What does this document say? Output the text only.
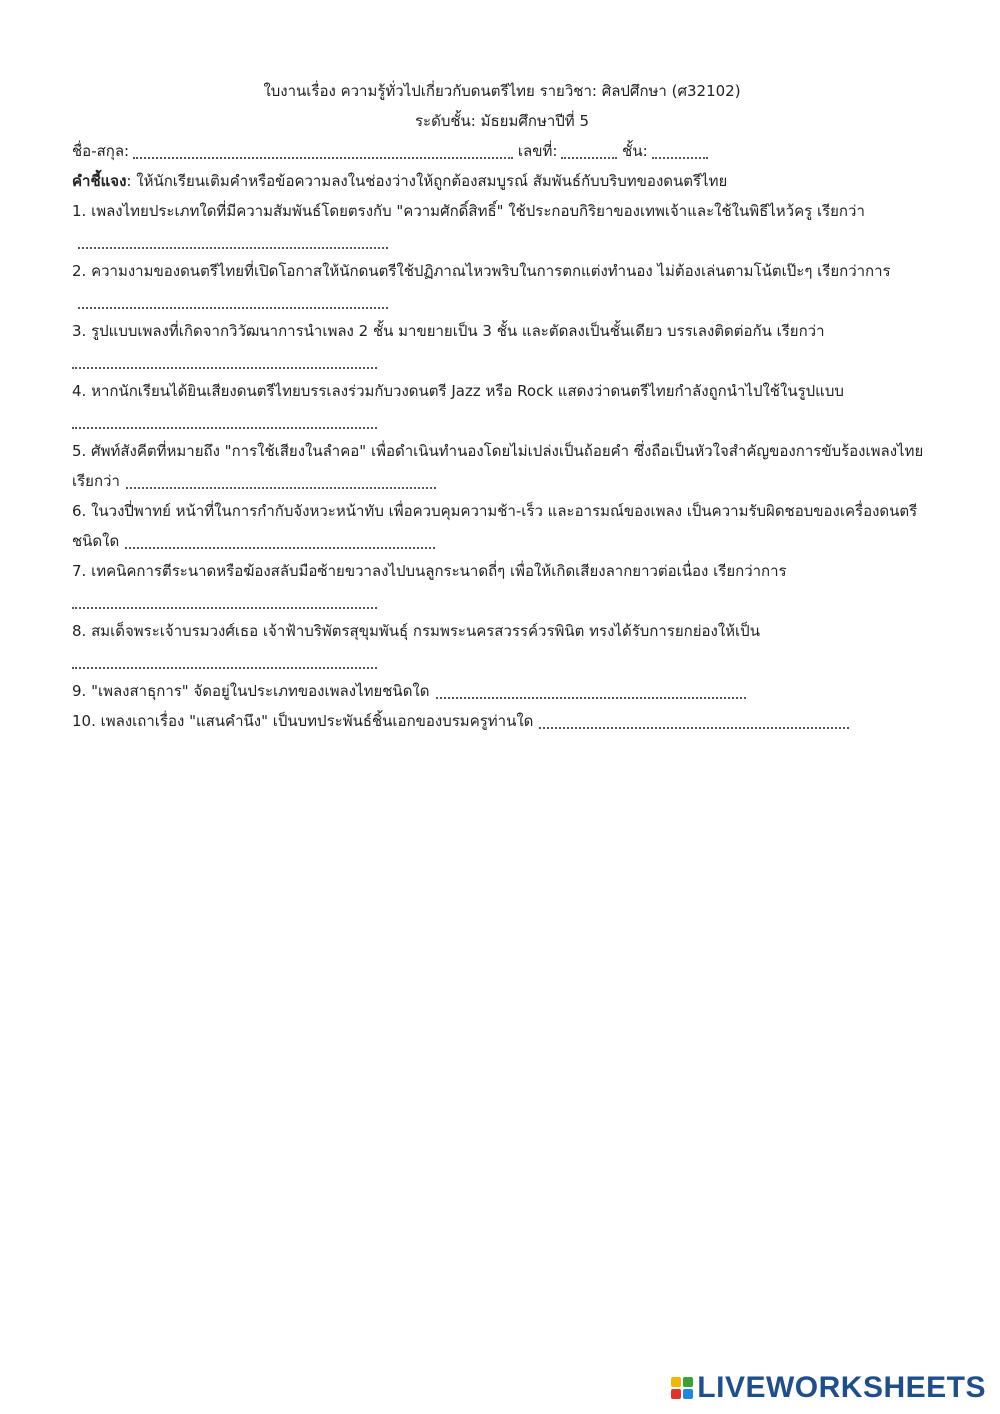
ใบงานเรื่อง ความรู้ทั่วไปเกี่ยวกับดนตรีไทย รายวิชา: ศิลปศึกษา (ศ32102)
ระดับชั้น: มัธยมศึกษาปีที่ 5
ชื่อ-สกุล:	เลขที่:	ชั้น:
คำชี้แจง: ให้นักเรียนเติมคำหรือข้อความลงในช่องว่างให้ถูกต้องสมบูรณ์ สัมพันธ์กับบริบทของดนตรีไทย
1. เพลงไทยประเภทใดที่มีความสัมพันธ์โดยตรงกับ "ความศักดิ์สิทธิ์" ใช้ประกอบกิริยาของเทพเจ้าและใช้ในพิธีไหว้ครู เรียกว่า
2. ความงามของดนตรีไทยที่เปิดโอกาสให้นักดนตรีใช้ปฏิภาณไหวพริบในการตกแต่งทำนอง ไม่ต้องเล่นตามโน้ตเป๊ะๆ เรียกว่าการ
3. รูปแบบเพลงที่เกิดจากวิวัฒนาการนำเพลง 2 ชั้น มาขยายเป็น 3 ชั้น และตัดลงเป็นชั้นเดียว บรรเลงติดต่อกัน เรียกว่า
4. หากนักเรียนได้ยินเสียงดนตรีไทยบรรเลงร่วมกับวงดนตรี Jazz หรือ Rock แสดงว่าดนตรีไทยกำลังถูกนำไปใช้ในรูปแบบ
5. ศัพท์สังคีตที่หมายถึง "การใช้เสียงในลำคอ" เพื่อดำเนินทำนองโดยไม่เปล่งเป็นถ้อยคำ ซึ่งถือเป็นหัวใจสำคัญของการขับร้องเพลงไทย เรียกว่า
6. ในวงปี่พาทย์ หน้าที่ในการกำกับจังหวะหน้าทับ เพื่อควบคุมความช้า-เร็ว และอารมณ์ของเพลง เป็นความรับผิดชอบของเครื่องดนตรีชนิดใด
7. เทคนิคการตีระนาดหรือฆ้องสลับมือซ้ายขวาลงไปบนลูกระนาดถี่ๆ เพื่อให้เกิดเสียงลากยาวต่อเนื่อง เรียกว่าการ
8. สมเด็จพระเจ้าบรมวงศ์เธอ เจ้าฟ้าบริพัตรสุขุมพันธุ์ กรมพระนครสวรรค์วรพินิต ทรงได้รับการยกย่องให้เป็น
9. "เพลงสาธุการ" จัดอยู่ในประเภทของเพลงไทยชนิดใด
10. เพลงเถาเรื่อง "แสนคำนึง" เป็นบทประพันธ์ชิ้นเอกของบรมครูท่านใด
LIVEWORKSHEETS
